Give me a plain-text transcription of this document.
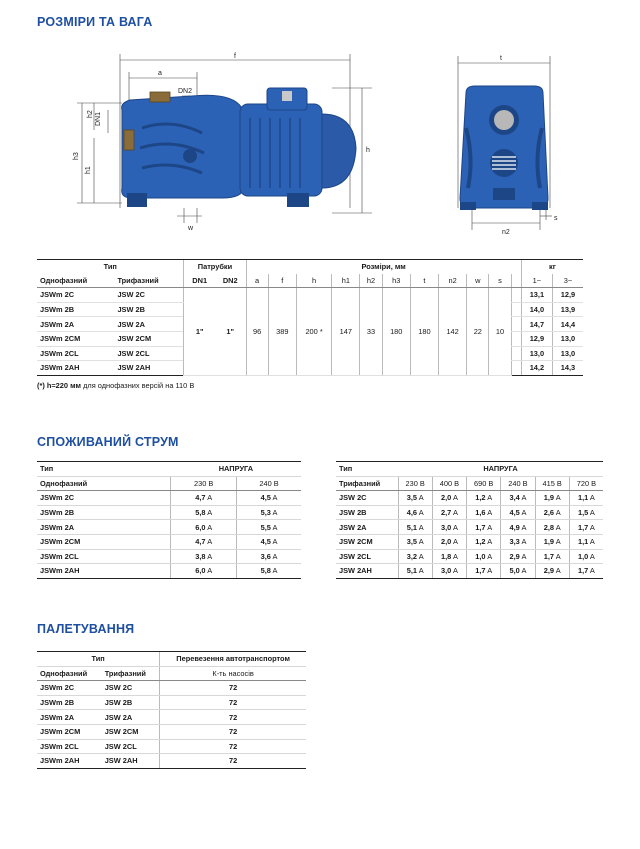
РОЗМІРИ ТА ВАГА
f
a
DN2
DN1
h2
h3
h1
h
w
t
n2
s
Тип		Патрубки		Розміри, мм											кг	
Однофазний	Трифазний	DN1	DN2	a	f	h	h1	h2	h3	t	n2	w	s		1~	3~
JSWm 2C	JSW 2C	1"	1"	96	389	200 *	147	33	180	180	142	22	10		13,1	12,9
JSWm 2B	JSW 2B														14,0	13,9
JSWm 2A	JSW 2A														14,7	14,4
JSWm 2CM	JSW 2CM														12,9	13,0
JSWm 2CL	JSW 2CL														13,0	13,0
JSWm 2AH	JSW 2AH														14,2	14,3
(*) h=220 мм для однофазних версій на 110 В
СПОЖИВАНИЙ СТРУМ
Тип	НАПРУГА	
Однофазний	230 В	240 В
JSWm 2C	4,7 A	4,5 A
JSWm 2B	5,8 A	5,3 A
JSWm 2A	6,0 A	5,5 A
JSWm 2CM	4,7 A	4,5 A
JSWm 2CL	3,8 A	3,6 A
JSWm 2AH	6,0 A	5,8 A
Тип	НАПРУГА					
Трифазний	230 В	400 В	690 В	240 В	415 В	720 В
JSW 2C	3,5 A	2,0 A	1,2 A	3,4 A	1,9 A	1,1 A
JSW 2B	4,6 A	2,7 A	1,6 A	4,5 A	2,6 A	1,5 A
JSW 2A	5,1 A	3,0 A	1,7 A	4,9 A	2,8 A	1,7 A
JSW 2CM	3,5 A	2,0 A	1,2 A	3,3 A	1,9 A	1,1 A
JSW 2CL	3,2 A	1,8 A	1,0 A	2,9 A	1,7 A	1,0 A
JSW 2AH	5,1 A	3,0 A	1,7 A	5,0 A	2,9 A	1,7 A
ПАЛЕТУВАННЯ
Тип		Перевезення автотранспортом
Однофазний	Трифазний	К-ть насосів
JSWm 2C	JSW 2C	72
JSWm 2B	JSW 2B	72
JSWm 2A	JSW 2A	72
JSWm 2CM	JSW 2CM	72
JSWm 2CL	JSW 2CL	72
JSWm 2AH	JSW 2AH	72
